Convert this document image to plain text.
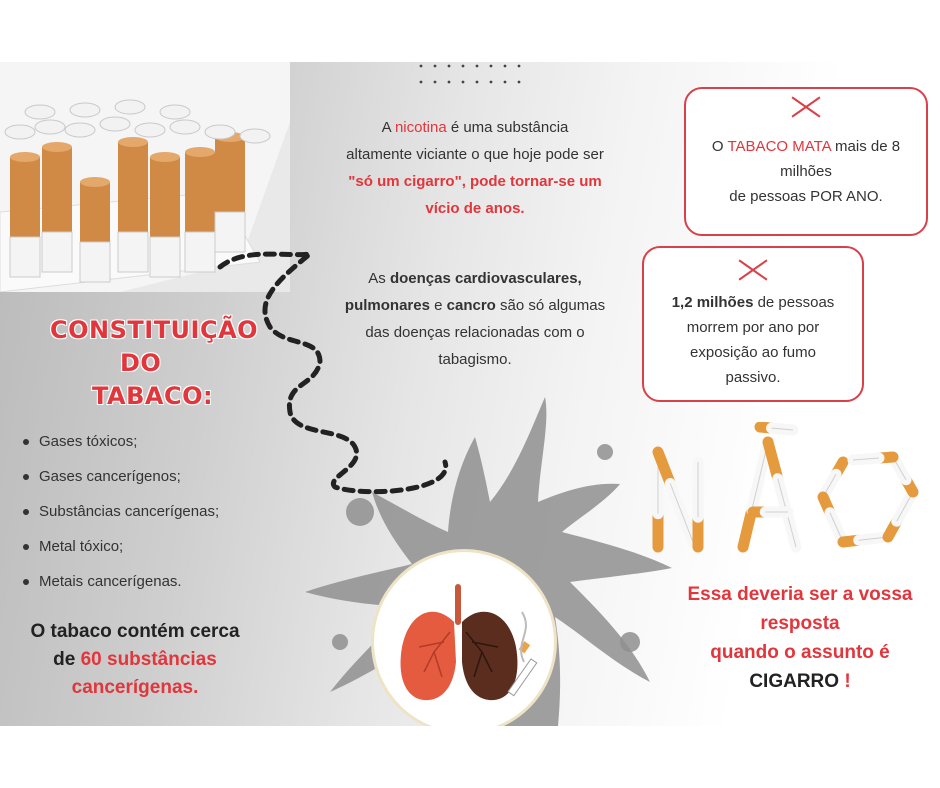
A nicotina é uma substância
altamente viciante o que hoje pode ser
"só um cigarro", pode tornar-se um
vício de anos.
As doenças cardiovasculares,
pulmonares e cancro são só algumas
das doenças relacionadas com o
tabagismo.
O TABACO MATA mais de 8
milhões
de pessoas POR ANO.
1,2 milhões de pessoas
morrem por ano por
exposição ao fumo
passivo.
CONSTITUIÇÃO
DO
TABACO:
Gases tóxicos;
Gases cancerígenos;
Substâncias cancerígenas;
Metal tóxico;
Metais cancerígenas.
O tabaco contém cerca
de 60 substâncias
cancerígenas.
Essa deveria ser a vossa
resposta
quando o assunto é
CIGARRO !
